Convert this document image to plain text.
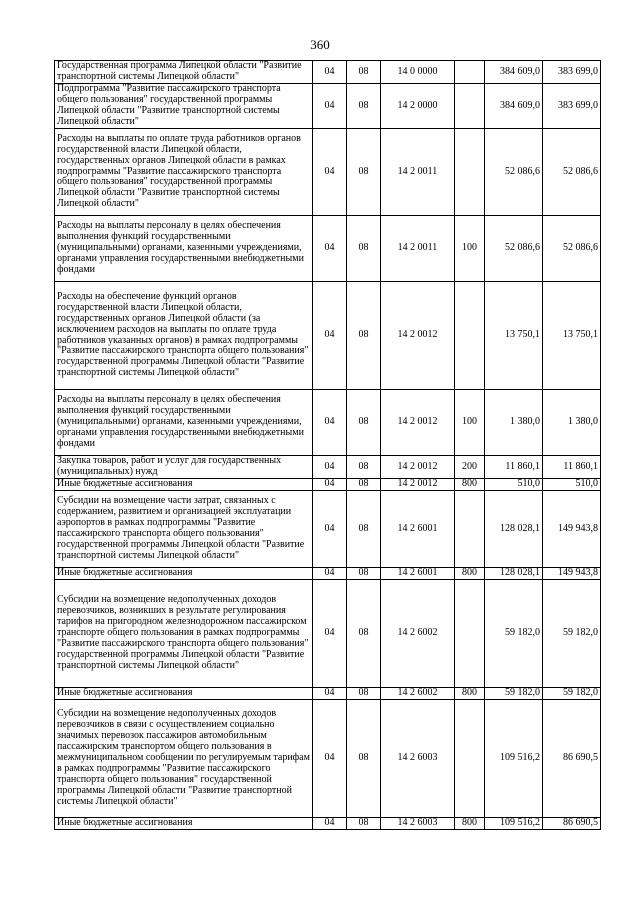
360
Государственная программа Липецкой области "Развитие транспортной системы Липецкой области"	04	08	14 0 0000		384 609,0	383 699,0
Подпрограмма "Развитие пассажирского транспорта общего пользования" государственной программы Липецкой области "Развитие транспортной системы Липецкой области"	04	08	14 2 0000		384 609,0	383 699,0
Расходы на выплаты по оплате труда работников органов государственной власти Липецкой области, государственных органов Липецкой области в рамках подпрограммы "Развитие пассажирского транспорта общего пользования" государственной программы Липецкой области "Развитие транспортной системы Липецкой области"	04	08	14 2 0011		52 086,6	52 086,6
Расходы на выплаты персоналу в целях обеспечения выполнения функций государственными (муниципальными) органами, казенными учреждениями, органами управления государственными внебюджетными фондами	04	08	14 2 0011	100	52 086,6	52 086,6
Расходы на обеспечение функций органов государственной власти Липецкой области, государственных органов Липецкой области (за исключением расходов на выплаты по оплате труда работников указанных органов) в рамках подпрограммы "Развитие пассажирского транспорта общего пользования" государственной программы Липецкой области "Развитие транспортной системы Липецкой области"	04	08	14 2 0012		13 750,1	13 750,1
Расходы на выплаты персоналу в целях обеспечения выполнения функций государственными (муниципальными) органами, казенными учреждениями, органами управления государственными внебюджетными фондами	04	08	14 2 0012	100	1 380,0	1 380,0
Закупка товаров, работ и услуг для государственных (муниципальных) нужд	04	08	14 2 0012	200	11 860,1	11 860,1
Иные бюджетные ассигнования	04	08	14 2 0012	800	510,0	510,0
Субсидии на возмещение части затрат, связанных с содержанием, развитием и организацией эксплуатации аэропортов в рамках подпрограммы "Развитие пассажирского транспорта общего пользования" государственной программы Липецкой области "Развитие транспортной системы Липецкой области"	04	08	14 2 6001		128 028,1	149 943,8
Иные бюджетные ассигнования	04	08	14 2 6001	800	128 028,1	149 943,8
Субсидии на возмещение недополученных доходов перевозчиков, возникших в результате регулирования тарифов на пригородном железнодорожном пассажирском транспорте общего пользования в рамках подпрограммы "Развитие пассажирского транспорта общего пользования" государственной программы Липецкой области "Развитие транспортной системы Липецкой области"	04	08	14 2 6002		59 182,0	59 182,0
Иные бюджетные ассигнования	04	08	14 2 6002	800	59 182,0	59 182,0
Субсидии на возмещение недополученных доходов перевозчиков в связи с осуществлением социально значимых перевозок пассажиров автомобильным пассажирским транспортом общего пользования в межмуниципальном сообщении по регулируемым тарифам в рамках подпрограммы "Развитие пассажирского транспорта общего пользования" государственной программы Липецкой области "Развитие транспортной системы Липецкой области"	04	08	14 2 6003		109 516,2	86 690,5
Иные бюджетные ассигнования	04	08	14 2 6003	800	109 516,2	86 690,5
